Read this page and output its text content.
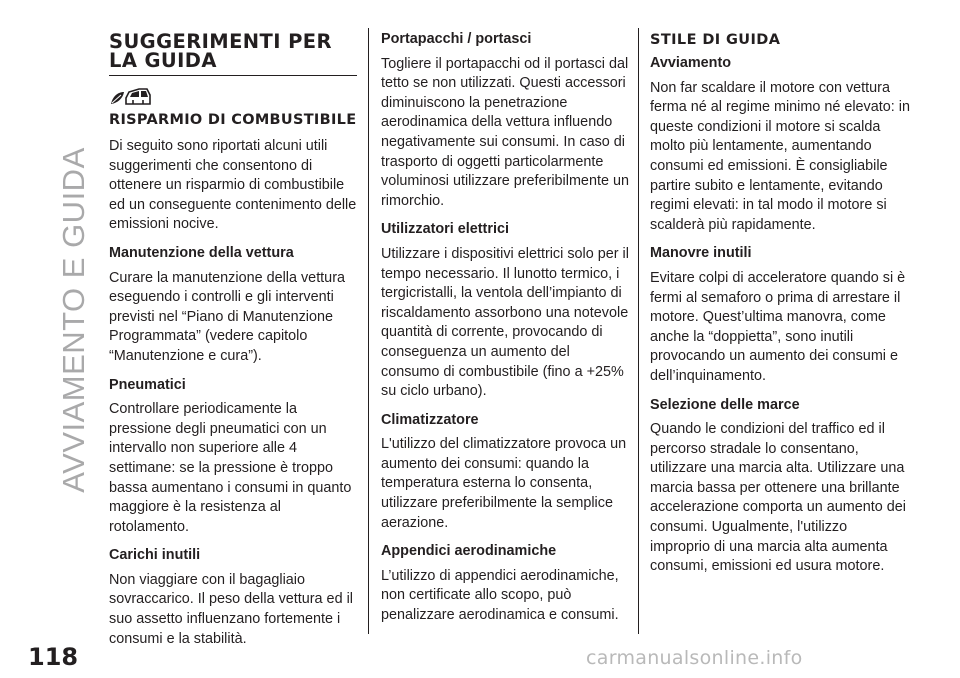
AVVIAMENTO E GUIDA
SUGGERIMENTI PER LA GUIDA
RISPARMIO DI COMBUSTIBILE

Di seguito sono riportati alcuni utili suggerimenti che consentono di ottenere un risparmio di combustibile ed un conseguente contenimento delle emissioni nocive.

Manutenzione della vettura

Curare la manutenzione della vettura eseguendo i controlli e gli interventi previsti nel “Piano di Manutenzione Programmata” (vedere capitolo “Manutenzione e cura”).

Pneumatici

Controllare periodicamente la pressione degli pneumatici con un intervallo non superiore alle 4 settimane: se la pressione è troppo bassa aumentano i consumi in quanto maggiore è la resistenza al rotolamento.

Carichi inutili

Non viaggiare con il bagagliaio sovraccarico. Il peso della vettura ed il suo assetto influenzano fortemente i consumi e la stabilità.

Portapacchi / portasci

Togliere il portapacchi od il portasci dal tetto se non utilizzati. Questi accessori diminuiscono la penetrazione aerodinamica della vettura influendo negativamente sui consumi. In caso di trasporto di oggetti particolarmente voluminosi utilizzare preferibilmente un rimorchio.

Utilizzatori elettrici

Utilizzare i dispositivi elettrici solo per il tempo necessario. Il lunotto termico, i tergicristalli, la ventola dell’impianto di riscaldamento assorbono una notevole quantità di corrente, provocando di conseguenza un aumento del consumo di combustibile (fino a +25% su ciclo urbano).

Climatizzatore

L'utilizzo del climatizzatore provoca un aumento dei consumi: quando la temperatura esterna lo consenta, utilizzare preferibilmente la semplice aerazione.

Appendici aerodinamiche

L’utilizzo di appendici aerodinamiche, non certificate allo scopo, può penalizzare aerodinamica e consumi.

STILE DI GUIDA
Avviamento

Non far scaldare il motore con vettura ferma né al regime minimo né elevato: in queste condizioni il motore si scalda molto più lentamente, aumentando consumi ed emissioni. È consigliabile partire subito e lentamente, evitando regimi elevati: in tal modo il motore si scalderà più rapidamente.

Manovre inutili

Evitare colpi di acceleratore quando si è fermi al semaforo o prima di arrestare il motore. Quest’ultima manovra, come anche la “doppietta”, sono inutili provocando un aumento dei consumi e dell’inquinamento.

Selezione delle marce

Quando le condizioni del traffico ed il percorso stradale lo consentano, utilizzare una marcia alta. Utilizzare una marcia bassa per ottenere una brillante accelerazione comporta un aumento dei consumi. Ugualmente, l'utilizzo improprio di una marcia alta aumenta consumi, emissioni ed usura motore.

118	carmanualsonline.info
